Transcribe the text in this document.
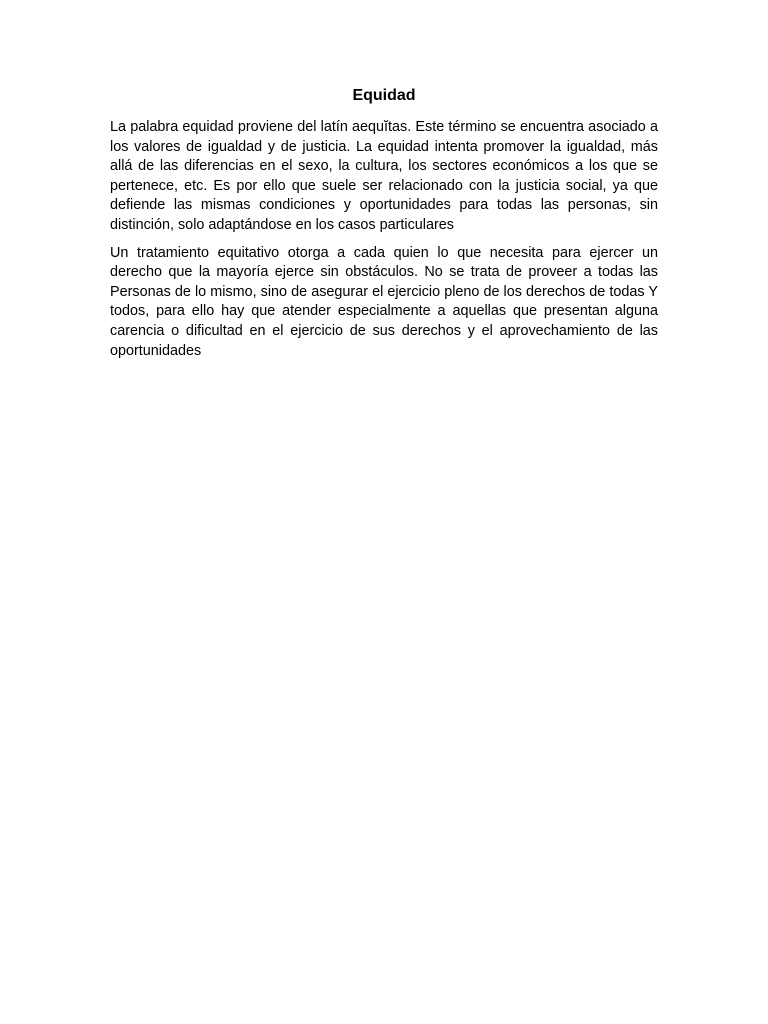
Equidad

La palabra equidad proviene del latín aequĭtas. Este término se encuentra asociado a los valores de igualdad y de justicia. La equidad intenta promover la igualdad, más allá de las diferencias en el sexo, la cultura, los sectores económicos a los que se pertenece, etc. Es por ello que suele ser relacionado con la justicia social, ya que defiende las mismas condiciones y oportunidades para todas las personas, sin distinción, solo adaptándose en los casos particulares

Un tratamiento equitativo otorga a cada quien lo que necesita para ejercer un derecho que la mayoría ejerce sin obstáculos. No se trata de proveer a todas las Personas de lo mismo, sino de asegurar el ejercicio pleno de los derechos de todas Y todos, para ello hay que atender especialmente a aquellas que presentan alguna carencia o dificultad en el ejercicio de sus derechos y el aprovechamiento de las oportunidades
